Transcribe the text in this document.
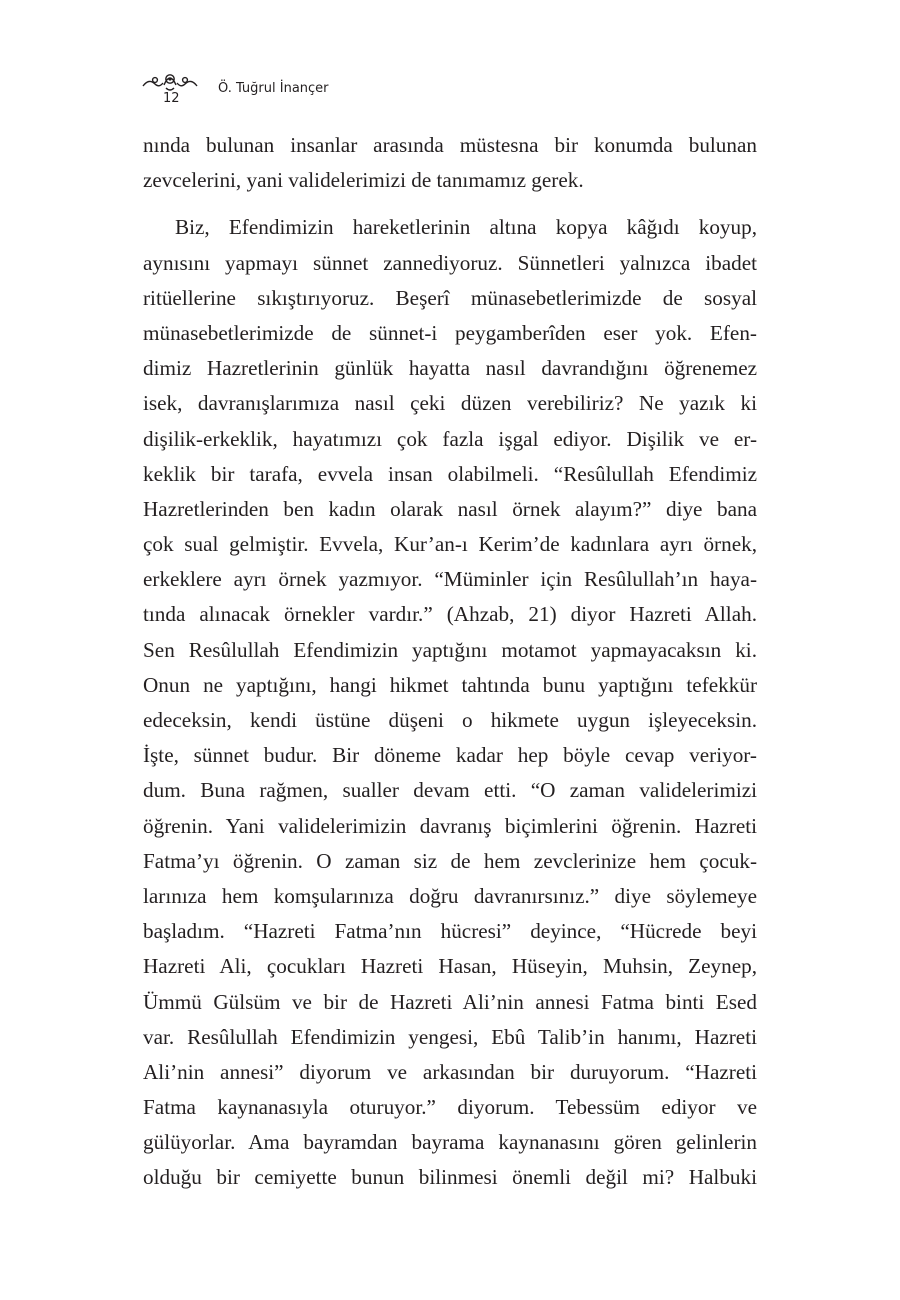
12
Ö. Tuğrul İnançer
nında bulunan insanlar arasında müstesna bir konumda bulunan
zevcelerini, yani validelerimizi de tanımamız gerek.
Biz, Efendimizin hareketlerinin altına kopya kâğıdı koyup,
aynısını yapmayı sünnet zannediyoruz. Sünnetleri yalnızca ibadet
ritüellerine sıkıştırıyoruz. Beşerî münasebetlerimizde de sosyal
münasebetlerimizde de sünnet-i peygamberîden eser yok. Efen-
dimiz Hazretlerinin günlük hayatta nasıl davrandığını öğrenemez
isek, davranışlarımıza nasıl çeki düzen verebiliriz? Ne yazık ki
dişilik-erkeklik, hayatımızı çok fazla işgal ediyor. Dişilik ve er-
keklik bir tarafa, evvela insan olabilmeli. “Resûlullah Efendimiz
Hazretlerinden ben kadın olarak nasıl örnek alayım?” diye bana
çok sual gelmiştir. Evvela, Kur’an-ı Kerim’de kadınlara ayrı örnek,
erkeklere ayrı örnek yazmıyor. “Müminler için Resûlullah’ın haya-
tında alınacak örnekler vardır.” (Ahzab, 21) diyor Hazreti Allah.
Sen Resûlullah Efendimizin yaptığını motamot yapmayacaksın ki.
Onun ne yaptığını, hangi hikmet tahtında bunu yaptığını tefekkür
edeceksin, kendi üstüne düşeni o hikmete uygun işleyeceksin.
İşte, sünnet budur. Bir döneme kadar hep böyle cevap veriyor-
dum. Buna rağmen, sualler devam etti. “O zaman validelerimizi
öğrenin. Yani validelerimizin davranış biçimlerini öğrenin. Hazreti
Fatma’yı öğrenin. O zaman siz de hem zevclerinize hem çocuk-
larınıza hem komşularınıza doğru davranırsınız.” diye söylemeye
başladım. “Hazreti Fatma’nın hücresi” deyince, “Hücrede beyi
Hazreti Ali, çocukları Hazreti Hasan, Hüseyin, Muhsin, Zeynep,
Ümmü Gülsüm ve bir de Hazreti Ali’nin annesi Fatma binti Esed
var. Resûlullah Efendimizin yengesi, Ebû Talib’in hanımı, Hazreti
Ali’nin annesi” diyorum ve arkasından bir duruyorum. “Hazreti
Fatma kaynanasıyla oturuyor.” diyorum. Tebessüm ediyor ve
gülüyorlar. Ama bayramdan bayrama kaynanasını gören gelinlerin
olduğu bir cemiyette bunun bilinmesi önemli değil mi? Halbuki
